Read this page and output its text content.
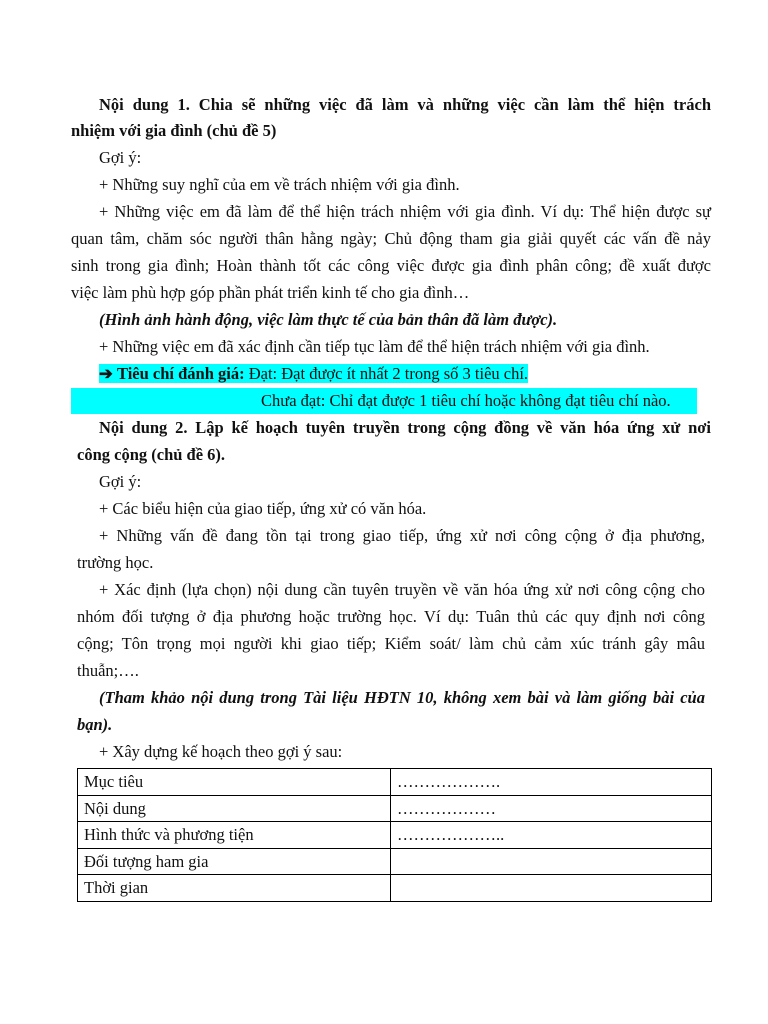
Nội dung 1. Chia sẽ những việc đã làm và những việc cần làm thể hiện trách
nhiệm với gia đình (chủ đề 5)
Gợi ý:
+ Những suy nghĩ của em về trách nhiệm với gia đình.
+ Những việc em đã làm để thể hiện trách nhiệm với gia đình. Ví dụ: Thể hiện được sự
quan tâm, chăm sóc người thân hằng ngày; Chủ động tham gia giải quyết các vấn đề nảy
sinh trong gia đình; Hoàn thành tốt các công việc được gia đình phân công; đề xuất được
việc làm phù hợp góp phần phát triển kinh tế cho gia đình…
(Hình ảnh hành động, việc làm thực tế của bản thân đã làm được).
+ Những việc em đã xác định cần tiếp tục làm để thể hiện trách nhiệm với gia đình.
➔ Tiêu chí đánh giá: Đạt: Đạt được ít nhất 2 trong số 3 tiêu chí.
Chưa đạt: Chỉ đạt được 1 tiêu chí hoặc không đạt tiêu chí nào.
Nội dung 2. Lập kế hoạch tuyên truyền trong cộng đồng về văn hóa ứng xử nơi
công cộng (chủ đề 6).
Gợi ý:
+ Các biểu hiện của giao tiếp, ứng xử có văn hóa.
+ Những vấn đề đang tồn tại trong giao tiếp, ứng xử nơi công cộng ở địa phương,
trường học.
+ Xác định (lựa chọn) nội dung cần tuyên truyền về văn hóa ứng xử nơi công cộng cho
nhóm đối tượng ở địa phương hoặc trường học. Ví dụ: Tuân thủ các quy định nơi công
cộng; Tôn trọng mọi người khi giao tiếp; Kiểm soát/ làm chủ cảm xúc tránh gây mâu
thuẫn;….
(Tham khảo nội dung trong Tài liệu HĐTN 10, không xem bài và làm giống bài của
bạn).
+ Xây dựng kế hoạch theo gợi ý sau:
Mục tiêu	……………….
Nội dung	………………
Hình thức và phương tiện	………………..
Đối tượng ham gia	
Thời gian	
